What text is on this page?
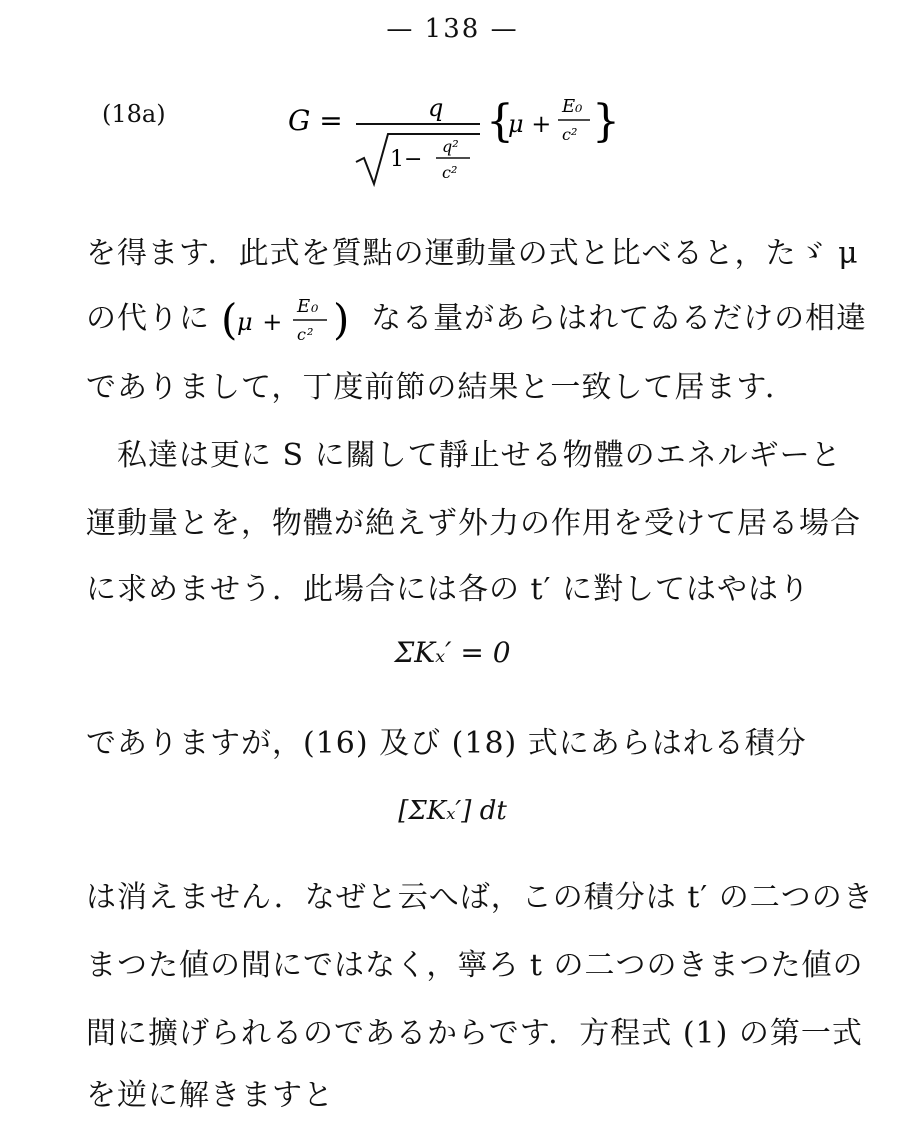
— 138 —
(18a)	G =	q
1−
q²
c²
{
μ +
E₀
c² }
を得ます．此式を質點の運動量の式と比べると，たゞ μ
の代りに (
μ +
E₀
c² ) なる量があらはれてゐるだけの相違
でありまして，丁度前節の結果と一致して居ます．
　私達は更に S に關して靜止せる物體のエネルギーと
運動量とを，物體が絶えず外力の作用を受けて居る場合
に求めませう．此場合には各の t′ に對してはやはり
ΣKₓ′ = 0
でありますが，(16) 及び (18) 式にあらはれる積分
[ΣKₓ′] dt
は消えません．なぜと云へば，この積分は t′ の二つのき
まつた値の間にではなく，寧ろ t の二つのきまつた値の
間に擴げられるのであるからです．方程式 (1) の第一式
を逆に解きますと
